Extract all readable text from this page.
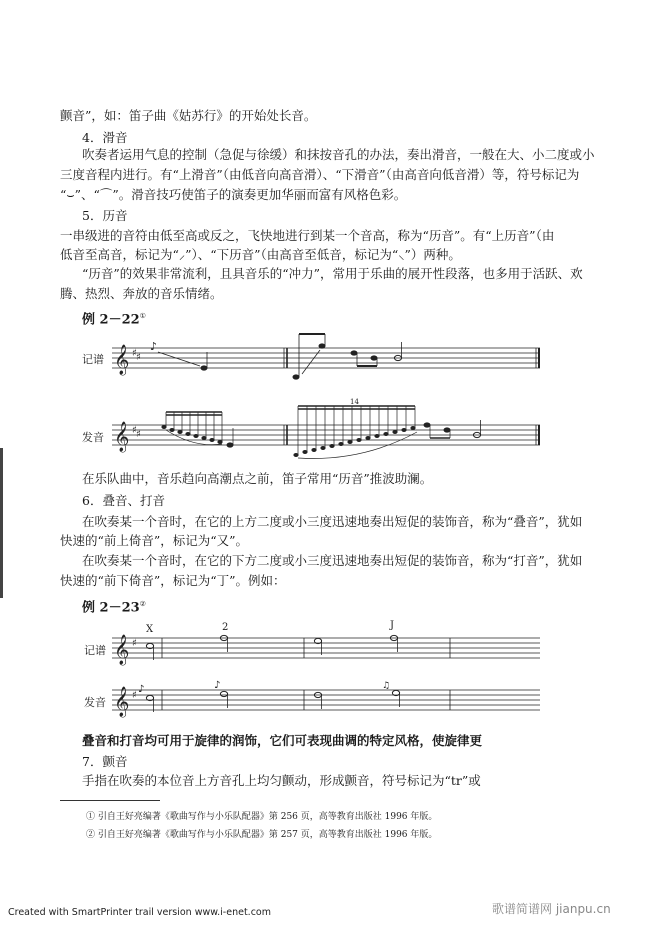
颤音”，如：笛子曲《姑苏行》的开始处长音。
4．滑音
吹奏者运用气息的控制（急促与徐缓）和抹按音孔的办法，奏出滑音，一般在大、小二度或小
三度音程内进行。有“上滑音”（由低音向高音滑）、“下滑音”（由高音向低音滑）等，符号标记为
“⌣”、“⌒”。滑音技巧使笛子的演奏更加华丽而富有风格色彩。
5．历音
一串级进的音符由低至高或反之，飞快地进行到某一个音高，称为“历音”。有“上历音”（由
低音至高音，标记为“⸝”）、“下历音”（由高音至低音，标记为“⸜”）两种。
“历音”的效果非常流利，且具音乐的“冲力”，常用于乐曲的展开性段落，也多用于活跃、欢
腾、热烈、奔放的音乐情绪。
例 2－22①
记谱
发音
𝄞 ♯ ♯
♪
𝄞 ♯ ♯
14
在乐队曲中，音乐趋向高潮点之前，笛子常用“历音”推波助澜。
6．叠音、打音
在吹奏某一个音时，在它的上方二度或小三度迅速地奏出短促的装饰音，称为“叠音”，犹如
快速的“前上倚音”，标记为“又”。
在吹奏某一个音时，在它的下方二度或小三度迅速地奏出短促的装饰音，称为“打音”，犹如
快速的“前下倚音”，标记为“丁”。例如：
例 2－23②
记谱
发音
𝄞 ♯
X	2	J
𝄞 ♯
♪	♪	♫
叠音和打音均可用于旋律的润饰，它们可表现曲调的特定风格，使旋律更
7．颤音
手指在吹奏的本位音上方音孔上均匀颤动，形成颤音，符号标记为“tr”或
① 引自王好亮编著《歌曲写作与小乐队配器》第 256 页，高等教育出版社 1996 年版。
② 引自王好亮编著《歌曲写作与小乐队配器》第 257 页，高等教育出版社 1996 年版。
Created with SmartPrinter trail version www.i-enet.com	歌谱简谱网 jianpu.cn
